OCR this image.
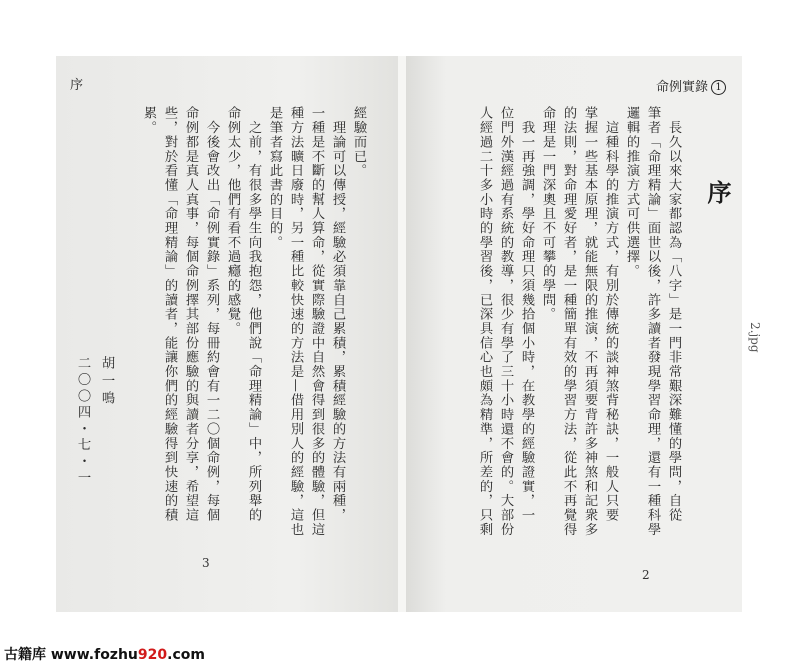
序
經驗而已。
　理論可以傳授，經驗必須靠自己累積，累積經驗的方法有兩種，
一種是不斷的幫人算命，從實際驗證中自然會得到很多的體驗，但這
種方法曠日廢時，另一種比較快速的方法是—借用別人的經驗，這也
是筆者寫此書的目的。
　之前，有很多學生向我抱怨，他們說「命理精論」中，所列舉的
命例太少，他們有看不過癮的感覺。
　今後會改出「命例實錄」系列，每冊約會有一二〇個命例，每個
命例都是真人真事，每個命例擇其部份應驗的與讀者分享，希望這
些，對於看懂「命理精論」的讀者，能讓你們的經驗得到快速的積
累。
胡一鳴
二〇〇四・七・一
3
命例實錄 1
序
　長久以來大家都認為「八字」是一門非常艱深難懂的學問，自從
筆者「命理精論」面世以後，許多讀者發現學習命理，還有一種科學
邏輯的推演方式可供選擇。
　這種科學的推演方式，有別於傳統的談神煞背秘訣，一般人只要
掌握一些基本原理，就能無限的推演，不再須要背許多神煞和記衆多
的法則，對命理愛好者，是一種簡單有效的學習方法，從此不再覺得
命理是一門深奧且不可攀的學問。
　我一再強調，學好命理只須幾拾個小時，在教學的經驗證實，一
位門外漢經過有系統的教導，很少有學了三十小時還不會的。大部份
人經過二十多小時的學習後，已深具信心也頗為精準，所差的，只剩
2
2.jpg
古籍库 www.fozhu920.com
